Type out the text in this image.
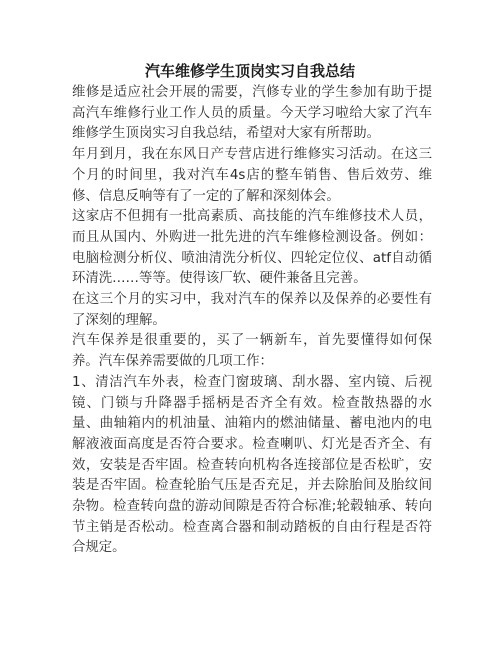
汽车维修学生顶岗实习自我总结

维修是适应社会开展的需要，汽修专业的学生参加有助于提高汽车维修行业工作人员的质量。今天学习啦给大家了汽车维修学生顶岗实习自我总结，希望对大家有所帮助。

年月到月，我在东风日产专营店进行维修实习活动。在这三个月的时间里，我对汽车4s店的整车销售、售后效劳、维修、信息反响等有了一定的了解和深刻体会。

这家店不但拥有一批高素质、高技能的汽车维修技术人员，而且从国内、外购进一批先进的汽车维修检测设备。例如：电脑检测分析仪、喷油清洗分析仪、四轮定位仪、atf自动循环清洗……等等。使得该厂软、硬件兼备且完善。

在这三个月的实习中，我对汽车的保养以及保养的必要性有了深刻的理解。

汽车保养是很重要的，买了一辆新车，首先要懂得如何保养。汽车保养需要做的几项工作：

1、清洁汽车外表，检查门窗玻璃、刮水器、室内镜、后视镜、门锁与升降器手摇柄是否齐全有效。检查散热器的水量、曲轴箱内的机油量、油箱内的燃油储量、蓄电池内的电解液液面高度是否符合要求。检查喇叭、灯光是否齐全、有效，安装是否牢固。检查转向机构各连接部位是否松旷，安装是否牢固。检查轮胎气压是否充足，并去除胎间及胎纹间杂物。检查转向盘的游动间隙是否符合标准;轮毂轴承、转向节主销是否松动。检查离合器和制动踏板的自由行程是否符合规定。
